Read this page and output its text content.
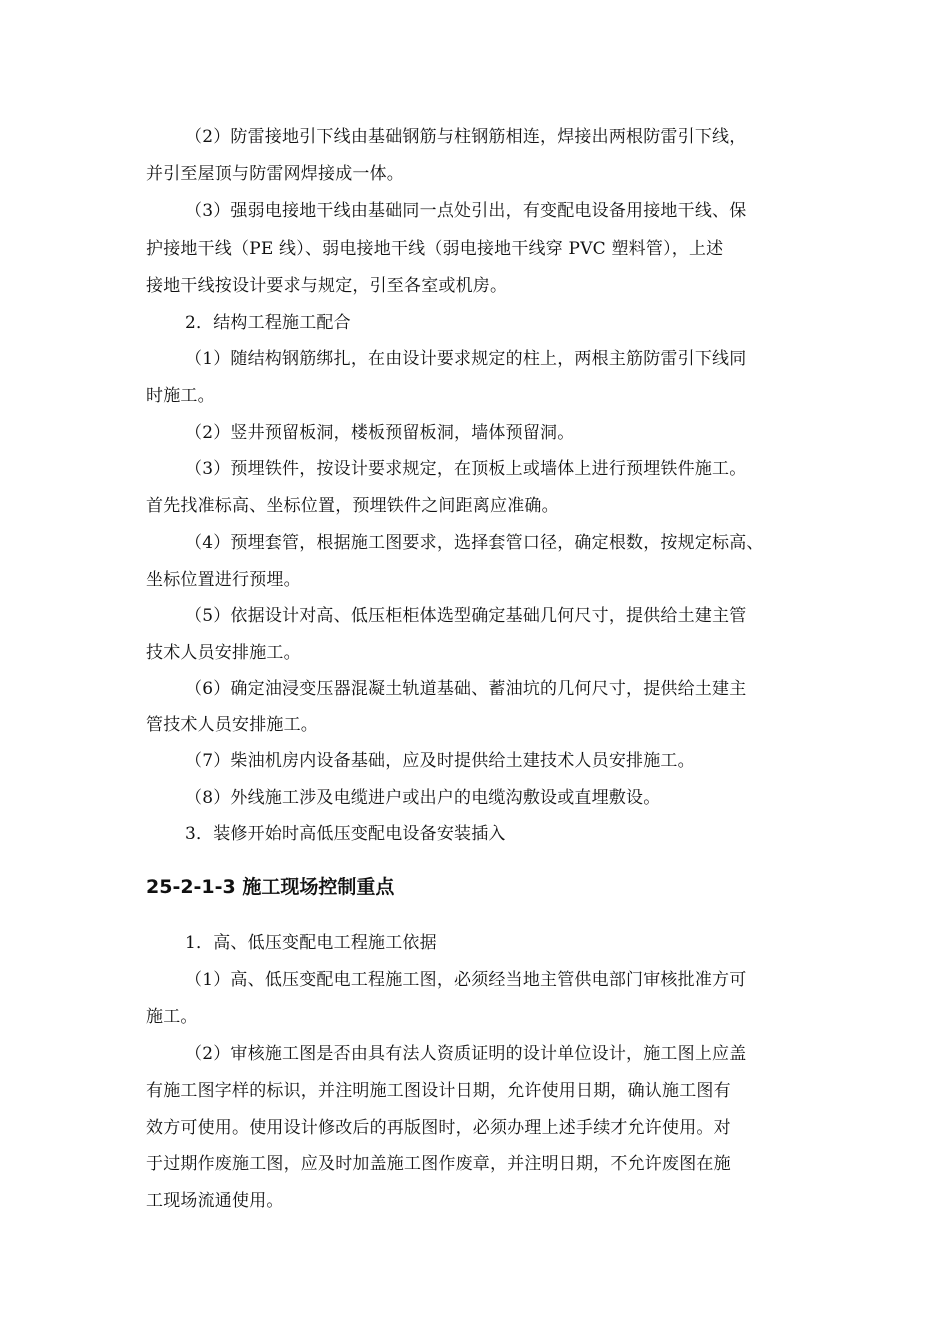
（2）防雷接地引下线由基础钢筋与柱钢筋相连，焊接出两根防雷引下线，
并引至屋顶与防雷网焊接成一体。
（3）强弱电接地干线由基础同一点处引出，有变配电设备用接地干线、保
护接地干线（PE 线）、弱电接地干线（弱电接地干线穿 PVC 塑料管），上述
接地干线按设计要求与规定，引至各室或机房。
2．结构工程施工配合
（1）随结构钢筋绑扎，在由设计要求规定的柱上，两根主筋防雷引下线同
时施工。
（2）竖井预留板洞，楼板预留板洞，墙体预留洞。
（3）预埋铁件，按设计要求规定，在顶板上或墙体上进行预埋铁件施工。
首先找准标高、坐标位置，预埋铁件之间距离应准确。
（4）预埋套管，根据施工图要求，选择套管口径，确定根数，按规定标高、
坐标位置进行预埋。
（5）依据设计对高、低压柜柜体选型确定基础几何尺寸，提供给土建主管
技术人员安排施工。
（6）确定油浸变压器混凝土轨道基础、蓄油坑的几何尺寸，提供给土建主
管技术人员安排施工。
（7）柴油机房内设备基础，应及时提供给土建技术人员安排施工。
（8）外线施工涉及电缆进户或出户的电缆沟敷设或直埋敷设。
3．装修开始时高低压变配电设备安装插入
25-2-1-3 施工现场控制重点
1．高、低压变配电工程施工依据
（1）高、低压变配电工程施工图，必须经当地主管供电部门审核批准方可
施工。
（2）审核施工图是否由具有法人资质证明的设计单位设计，施工图上应盖
有施工图字样的标识，并注明施工图设计日期，允许使用日期，确认施工图有
效方可使用。使用设计修改后的再版图时，必须办理上述手续才允许使用。对
于过期作废施工图，应及时加盖施工图作废章，并注明日期，不允许废图在施
工现场流通使用。
